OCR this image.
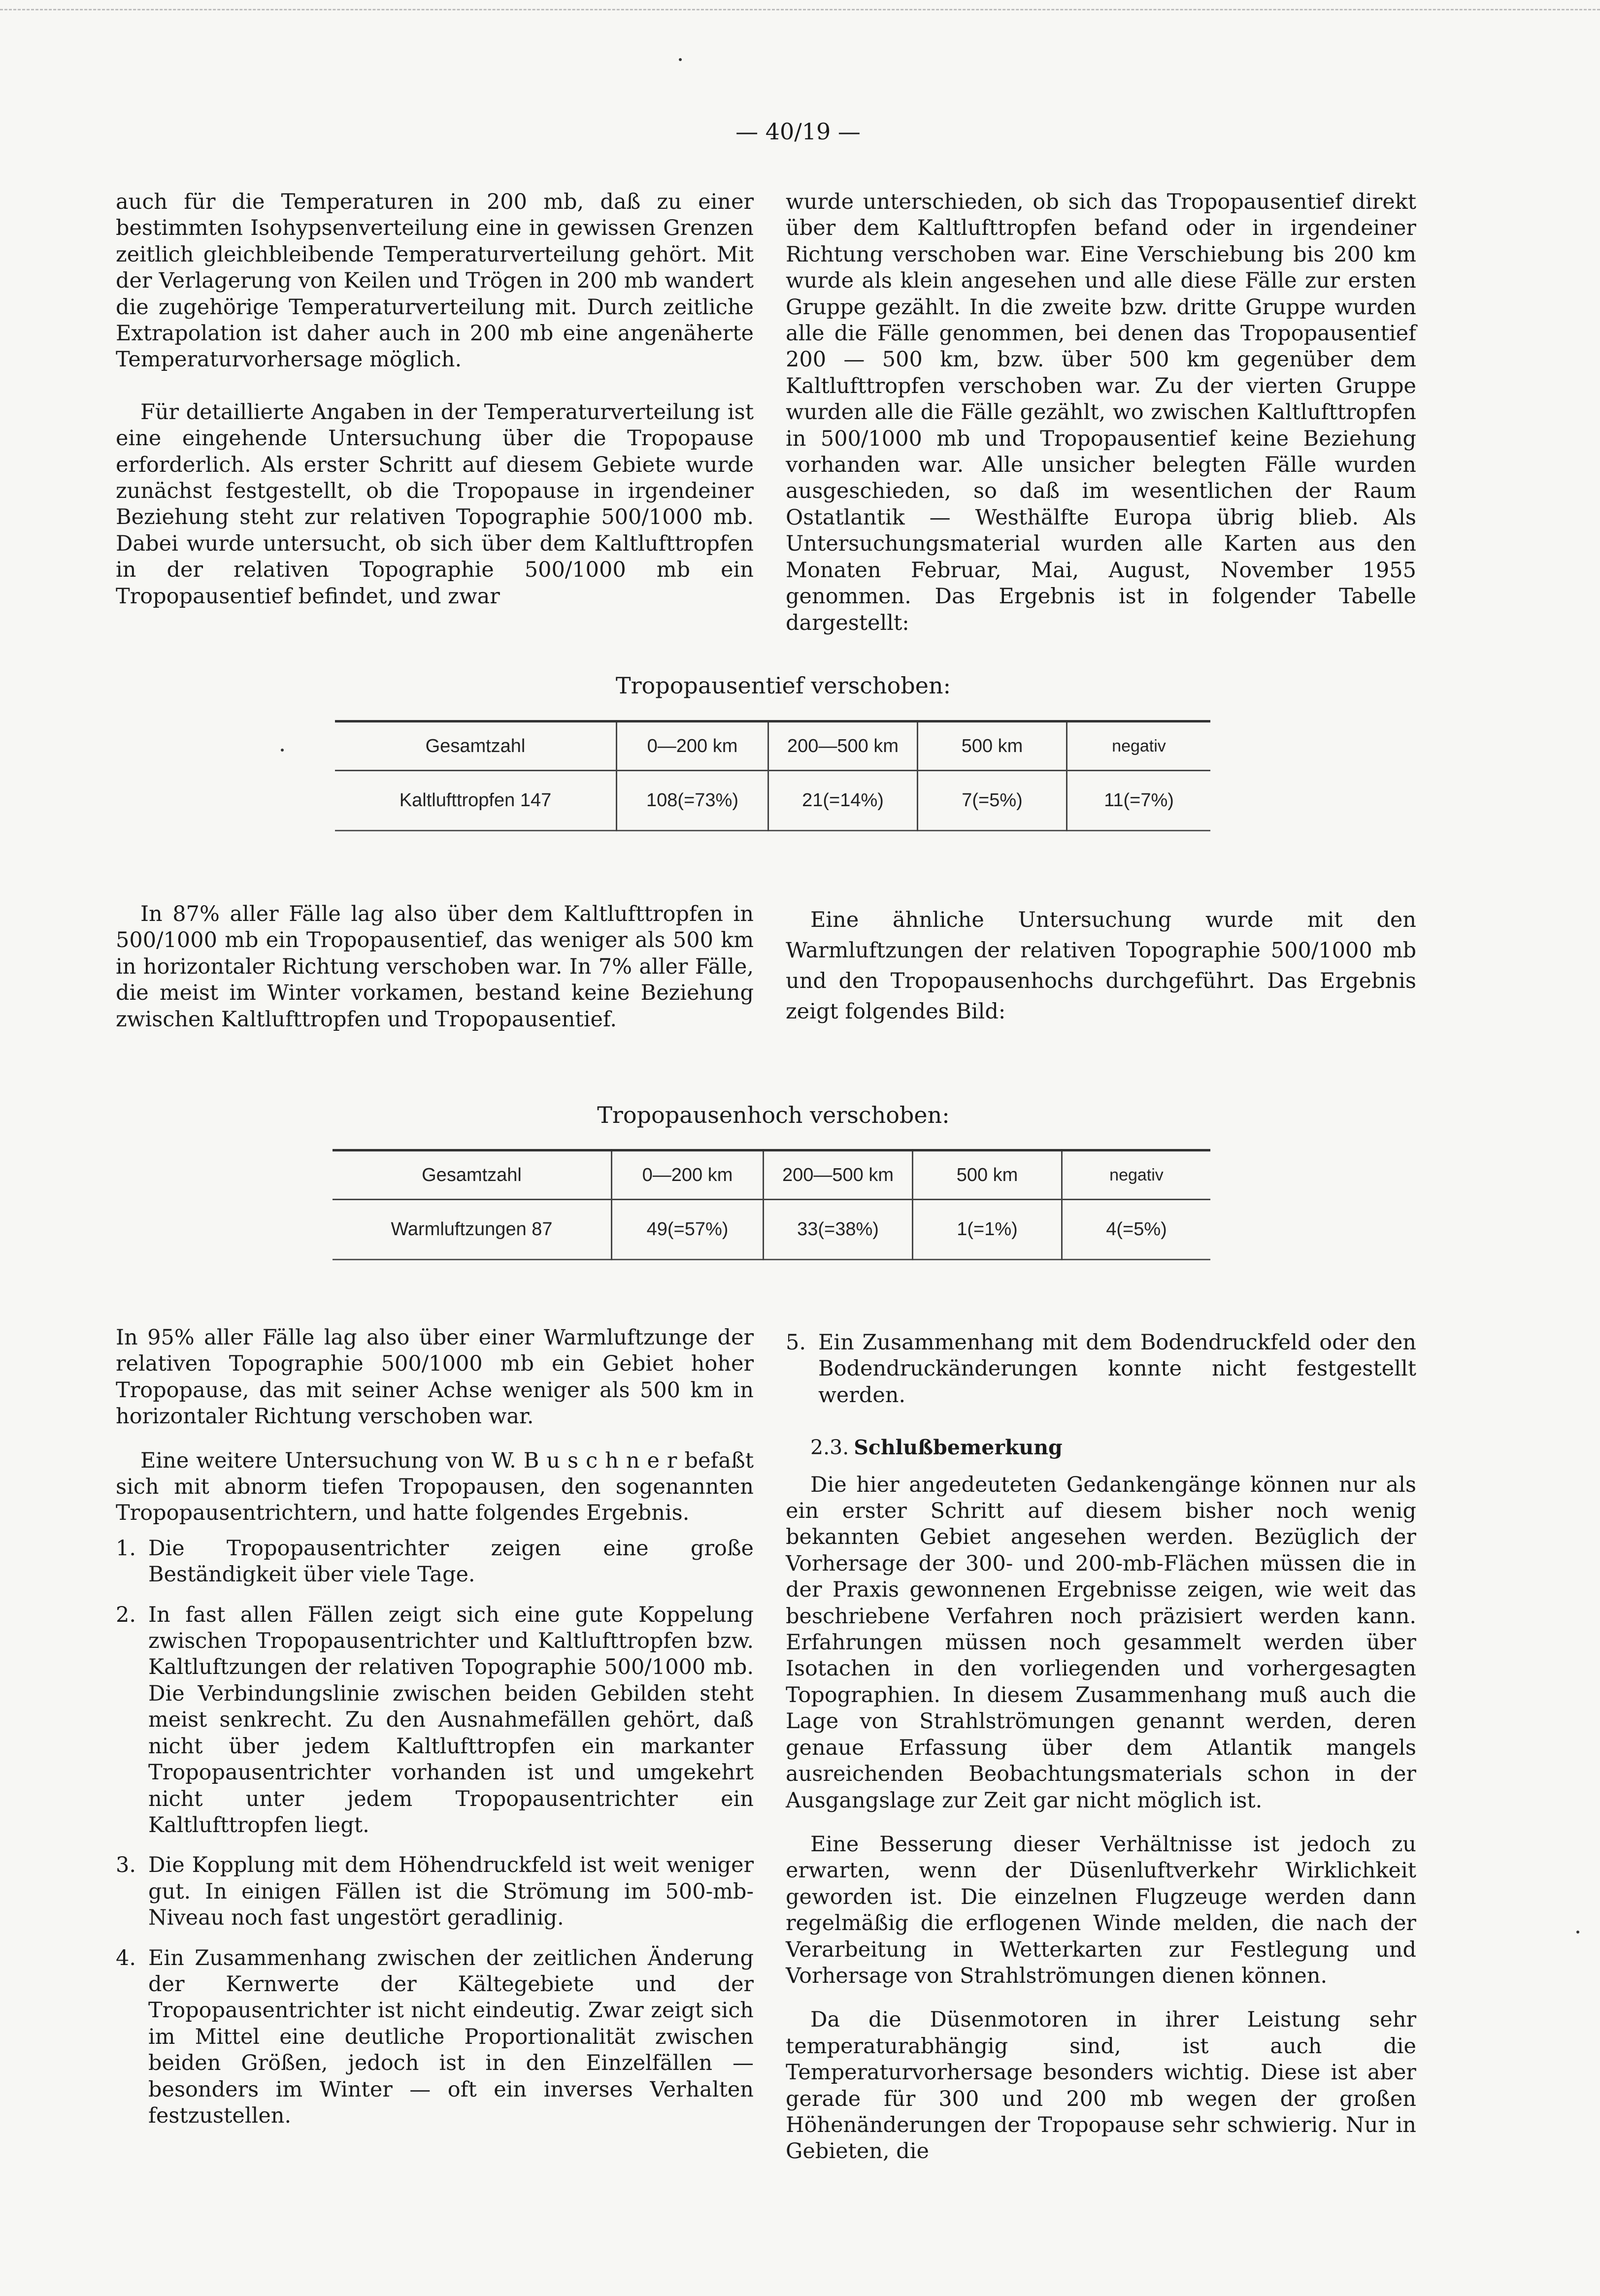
— 40/19 —

auch für die Temperaturen in 200 mb, daß zu einer bestimmten Isohypsenverteilung eine in gewissen Grenzen zeitlich gleichbleibende Temperaturverteilung gehört. Mit der Verlagerung von Keilen und Trögen in 200 mb wandert die zugehörige Temperaturverteilung mit. Durch zeitliche Extrapolation ist daher auch in 200 mb eine angenäherte Temperaturvorhersage möglich.

Für detaillierte Angaben in der Temperaturverteilung ist eine eingehende Untersuchung über die Tropopause erforderlich. Als erster Schritt auf diesem Gebiete wurde zunächst festgestellt, ob die Tropopause in irgendeiner Beziehung steht zur relativen Topographie 500/1000 mb. Dabei wurde untersucht, ob sich über dem Kaltlufttropfen in der relativen Topographie 500/1000 mb ein Tropopausentief befindet, und zwar

wurde unterschieden, ob sich das Tropopausentief direkt über dem Kaltlufttropfen befand oder in irgendeiner Richtung verschoben war. Eine Verschiebung bis 200 km wurde als klein angesehen und alle diese Fälle zur ersten Gruppe gezählt. In die zweite bzw. dritte Gruppe wurden alle die Fälle genommen, bei denen das Tropopausentief 200 — 500 km, bzw. über 500 km gegenüber dem Kaltlufttropfen verschoben war. Zu der vierten Gruppe wurden alle die Fälle gezählt, wo zwischen Kaltlufttropfen in 500/1000 mb und Tropopausentief keine Beziehung vorhanden war. Alle unsicher belegten Fälle wurden ausgeschieden, so daß im wesentlichen der Raum Ostatlantik — Westhälfte Europa übrig blieb. Als Untersuchungsmaterial wurden alle Karten aus den Monaten Februar, Mai, August, November 1955 genommen. Das Ergebnis ist in folgender Tabelle dargestellt:

Tropopausentief verschoben:
Gesamtzahl	0—200 km	200—500 km	500 km	negativ
Kaltlufttropfen 147	108(=73%)	21(=14%)	7(=5%)	11(=7%)

In 87% aller Fälle lag also über dem Kaltlufttropfen in 500/1000 mb ein Tropopausentief, das weniger als 500 km in horizontaler Richtung verschoben war. In 7% aller Fälle, die meist im Winter vorkamen, bestand keine Beziehung zwischen Kaltlufttropfen und Tropopausentief.

Eine ähnliche Untersuchung wurde mit den Warmluftzungen der relativen Topographie 500/1000 mb und den Tropopausenhochs durchgeführt. Das Ergebnis zeigt folgendes Bild:

Tropopausenhoch verschoben:
Gesamtzahl	0—200 km	200—500 km	500 km	negativ
Warmluftzungen 87	49(=57%)	33(=38%)	1(=1%)	4(=5%)

In 95% aller Fälle lag also über einer Warmluftzunge der relativen Topographie 500/1000 mb ein Gebiet hoher Tropopause, das mit seiner Achse weniger als 500 km in horizontaler Richtung verschoben war.

Eine weitere Untersuchung von W. B u s c h n e r befaßt sich mit abnorm tiefen Tropopausen, den sogenannten Tropopausentrichtern, und hatte folgendes Ergebnis.

1. Die Tropopausentrichter zeigen eine große Beständigkeit über viele Tage.
2. In fast allen Fällen zeigt sich eine gute Koppelung zwischen Tropopausentrichter und Kaltlufttropfen bzw. Kaltluftzungen der relativen Topographie 500/1000 mb. Die Verbindungslinie zwischen beiden Gebilden steht meist senkrecht. Zu den Ausnahmefällen gehört, daß nicht über jedem Kaltlufttropfen ein markanter Tropopausentrichter vorhanden ist und umgekehrt nicht unter jedem Tropopausentrichter ein Kaltlufttropfen liegt.
3. Die Kopplung mit dem Höhendruckfeld ist weit weniger gut. In einigen Fällen ist die Strömung im 500-mb-Niveau noch fast ungestört geradlinig.
4. Ein Zusammenhang zwischen der zeitlichen Änderung der Kernwerte der Kältegebiete und der Tropopausentrichter ist nicht eindeutig. Zwar zeigt sich im Mittel eine deutliche Proportionalität zwischen beiden Größen, jedoch ist in den Einzelfällen — besonders im Winter — oft ein inverses Verhalten festzustellen.
5. Ein Zusammenhang mit dem Bodendruckfeld oder den Bodendruckänderungen konnte nicht festgestellt werden.

2.3. Schlußbemerkung

Die hier angedeuteten Gedankengänge können nur als ein erster Schritt auf diesem bisher noch wenig bekannten Gebiet angesehen werden. Bezüglich der Vorhersage der 300- und 200-mb-Flächen müssen die in der Praxis gewonnenen Ergebnisse zeigen, wie weit das beschriebene Verfahren noch präzisiert werden kann. Erfahrungen müssen noch gesammelt werden über Isotachen in den vorliegenden und vorhergesagten Topographien. In diesem Zusammenhang muß auch die Lage von Strahlströmungen genannt werden, deren genaue Erfassung über dem Atlantik mangels ausreichenden Beobachtungsmaterials schon in der Ausgangslage zur Zeit gar nicht möglich ist.

Eine Besserung dieser Verhältnisse ist jedoch zu erwarten, wenn der Düsenluftverkehr Wirklichkeit geworden ist. Die einzelnen Flugzeuge werden dann regelmäßig die erflogenen Winde melden, die nach der Verarbeitung in Wetterkarten zur Festlegung und Vorhersage von Strahlströmungen dienen können.

Da die Düsenmotoren in ihrer Leistung sehr temperaturabhängig sind, ist auch die Temperaturvorhersage besonders wichtig. Diese ist aber gerade für 300 und 200 mb wegen der großen Höhenänderungen der Tropopause sehr schwierig. Nur in Gebieten, die
